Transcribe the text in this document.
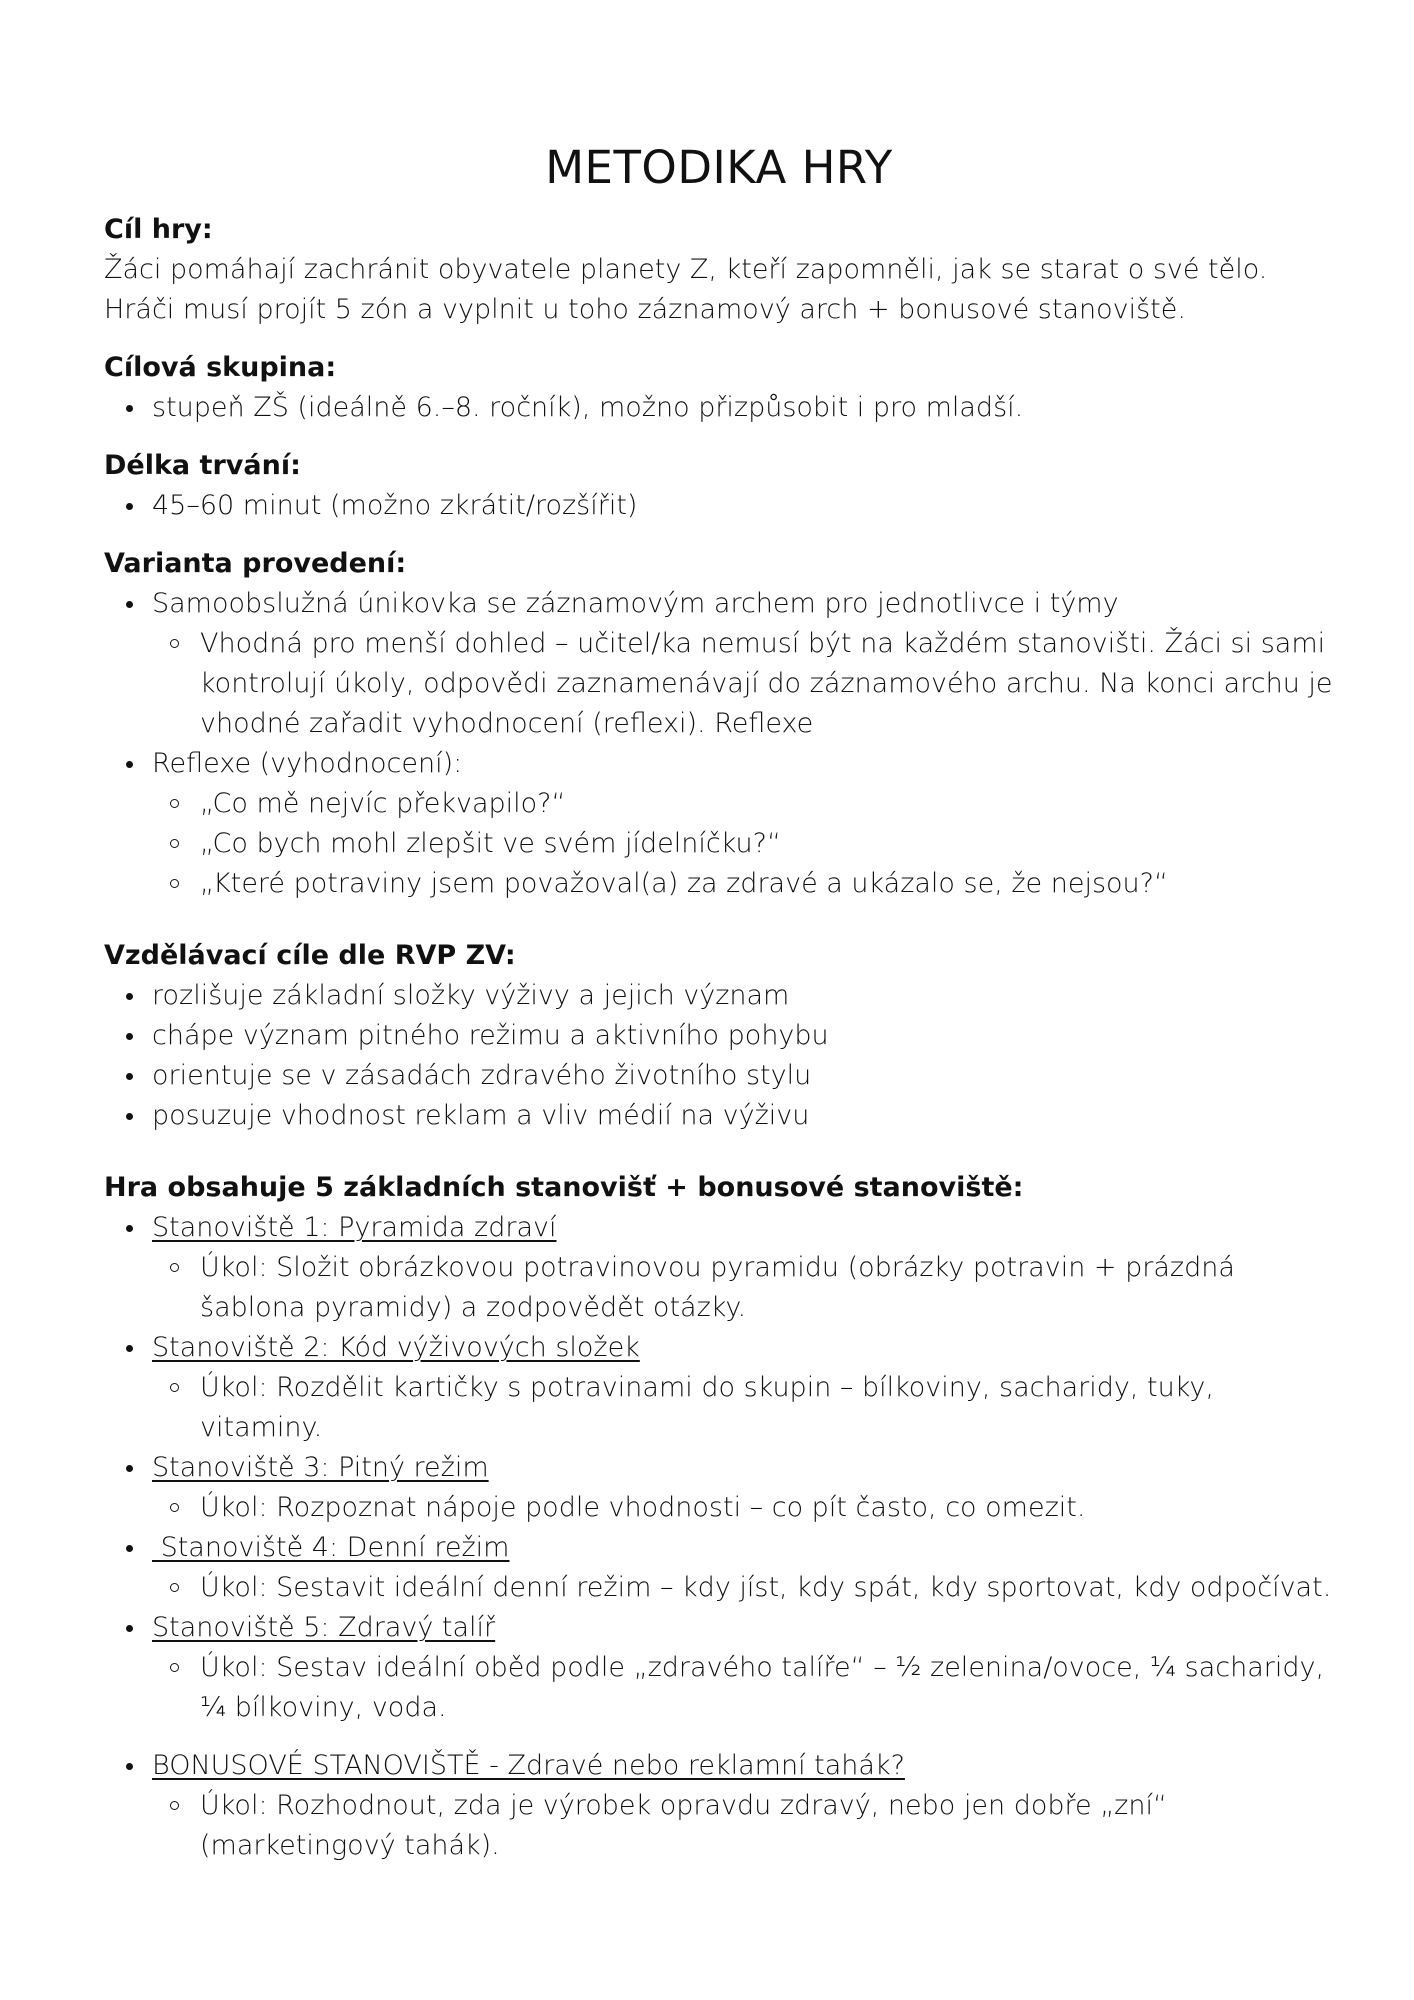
METODIKA HRY
Cíl hry:

Žáci pomáhají zachránit obyvatele planety Z, kteří zapomněli, jak se starat o své tělo.

Hráči musí projít 5 zón a vyplnit u toho záznamový arch + bonusové stanoviště.

Cílová skupina:
stupeň ZŠ (ideálně 6.–8. ročník), možno přizpůsobit i pro mladší.
Délka trvání:
45–60 minut (možno zkrátit/rozšířit)
Varianta provedení:
Samoobslužná únikovka se záznamovým archem pro jednotlivce i týmy
Vhodná pro menší dohled – učitel/ka nemusí být na každém stanovišti. Žáci si sami kontrolují úkoly, odpovědi zaznamenávají do záznamového archu. Na konci archu je vhodné zařadit vyhodnocení (reflexi). Reflexe
Reflexe (vyhodnocení):
„Co mě nejvíc překvapilo?“
„Co bych mohl zlepšit ve svém jídelníčku?“
„Které potraviny jsem považoval(a) za zdravé a ukázalo se, že nejsou?“
Vzdělávací cíle dle RVP ZV:
rozlišuje základní složky výživy a jejich význam
chápe význam pitného režimu a aktivního pohybu
orientuje se v zásadách zdravého životního stylu
posuzuje vhodnost reklam a vliv médií na výživu
Hra obsahuje 5 základních stanovišť + bonusové stanoviště:
Stanoviště 1: Pyramida zdraví
Úkol: Složit obrázkovou potravinovou pyramidu (obrázky potravin + prázdná šablona pyramidy) a zodpovědět otázky.
Stanoviště 2: Kód výživových složek
Úkol: Rozdělit kartičky s potravinami do skupin – bílkoviny, sacharidy, tuky, vitaminy.
Stanoviště 3: Pitný režim
Úkol: Rozpoznat nápoje podle vhodnosti – co pít často, co omezit.
Stanoviště 4: Denní režim
Úkol: Sestavit ideální denní režim – kdy jíst, kdy spát, kdy sportovat, kdy odpočívat.
Stanoviště 5: Zdravý talíř
Úkol: Sestav ideální oběd podle „zdravého talíře“ – ½ zelenina/ovoce, ¼ sacharidy, ¼ bílkoviny, voda.
BONUSOVÉ STANOVIŠTĚ - Zdravé nebo reklamní tahák?
Úkol: Rozhodnout, zda je výrobek opravdu zdravý, nebo jen dobře „zní“ (marketingový tahák).
